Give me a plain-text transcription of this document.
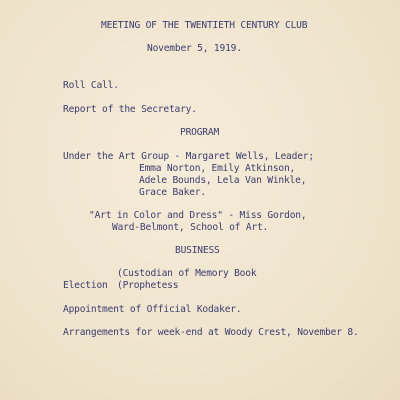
MEETING OF THE TWENTIETH CENTURY CLUB
November 5, 1919.
Roll Call.
Report of the Secretary.
PROGRAM
Under the Art Group - Margaret Wells, Leader;
Emma Norton, Emily Atkinson,
Adele Bounds, Lela Van Winkle,
Grace Baker.
"Art in Color and Dress" - Miss Gordon,
Ward-Belmont, School of Art.
BUSINESS
(Custodian of Memory Book
Election (Prophetess
Appointment of Official Kodaker.
Arrangements for week-end at Woody Crest, November 8.
